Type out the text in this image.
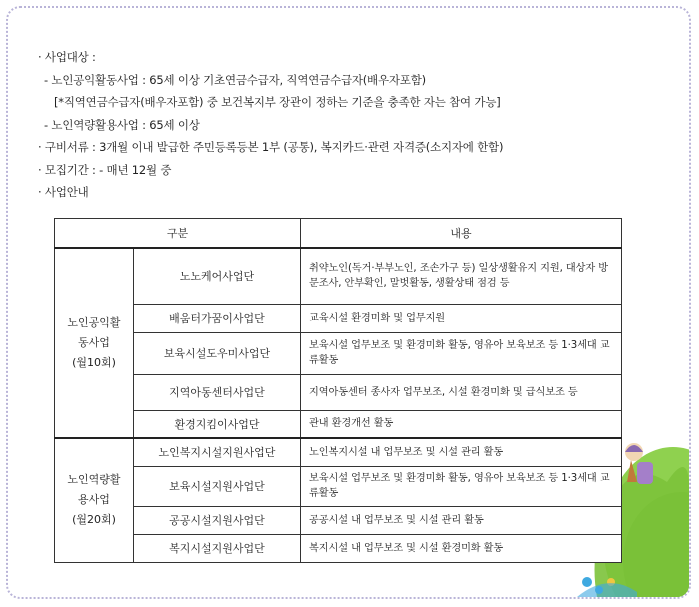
· 사업대상 :
- 노인공익활동사업 : 65세 이상 기초연금수급자, 직역연금수급자(배우자포함)
[*직역연금수급자(배우자포함) 중 보건복지부 장관이 정하는 기준을 충족한 자는 참여 가능]
- 노인역량활용사업 : 65세 이상
· 구비서류 : 3개월 이내 발급한 주민등록등본 1부 (공통), 복지카드·관련 자격증(소지자에 한함)
· 모집기간 : - 매년 12월 중
· 사업안내
구분		내용

노인공익활
동사업
(월10회)	노노케어사업단	취약노인(독거·부부노인, 조손가구 등) 일상생활유지 지원, 대상자 방문조사, 안부확인, 말벗활동, 생활상태 점검 등
	배움터가꿈이사업단	교육시설 환경미화 및 업무지원
	보육시설도우미사업단	보육시설 업무보조 및 환경미화 활동, 영유아 보육보조 등 1·3세대 교류활동
	지역아동센터사업단	지역아동센터 종사자 업무보조, 시설 환경미화 및 급식보조 등
	환경지킴이사업단	관내 환경개선 활동

노인역량활
용사업
(월20회)	노인복지시설지원사업단	노인복지시설 내 업무보조 및 시설 관리 활동
	보육시설지원사업단	보육시설 업무보조 및 환경미화 활동, 영유아 보육보조 등 1·3세대 교류활동
	공공시설지원사업단	공공시설 내 업무보조 및 시설 관리 활동
	복지시설지원사업단	복지시설 내 업무보조 및 시설 환경미화 활동
